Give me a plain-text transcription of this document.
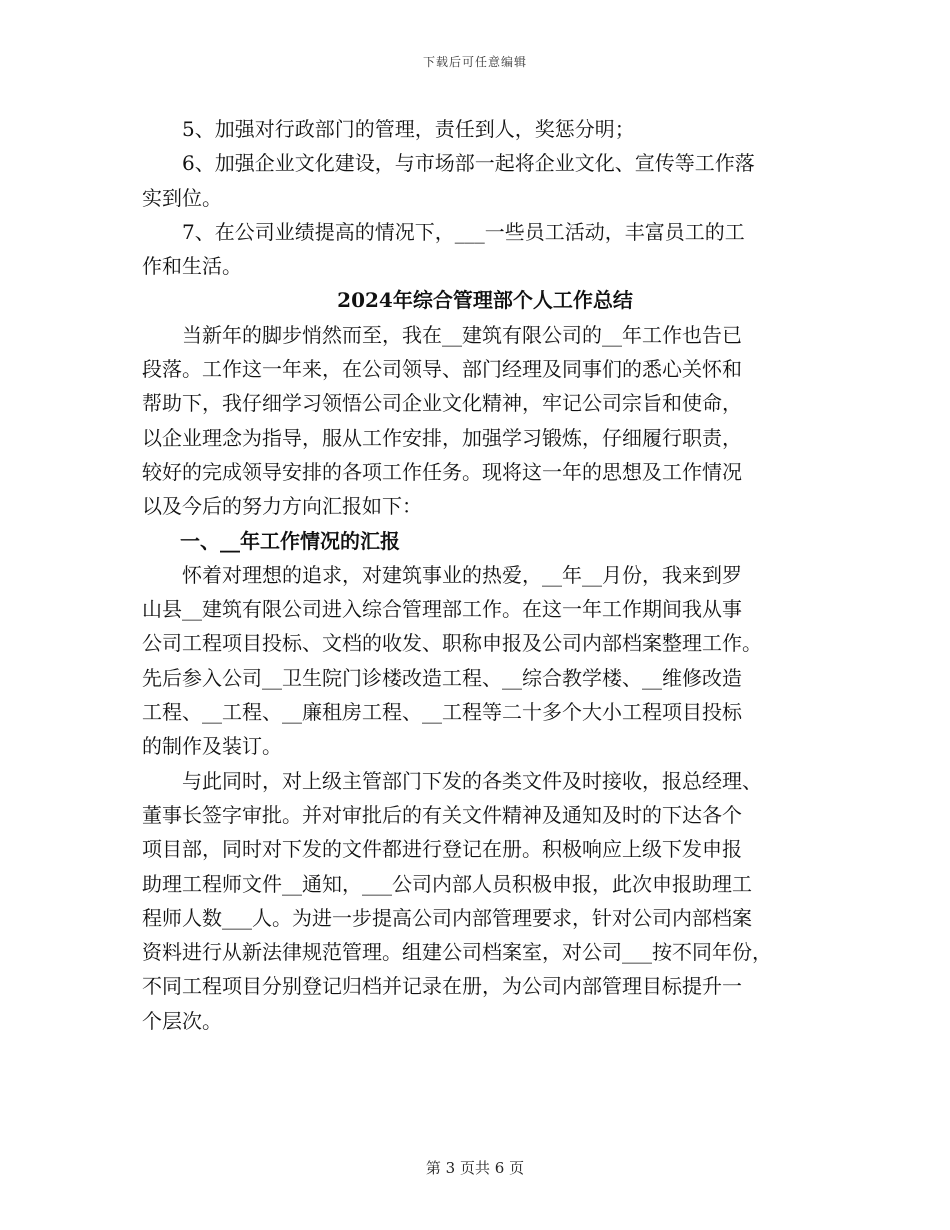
下载后可任意编辑
5、加强对行政部门的管理，责任到人，奖惩分明；
6、加强企业文化建设，与市场部一起将企业文化、宣传等工作落
实到位。
7、在公司业绩提高的情况下，___一些员工活动，丰富员工的工
作和生活。
2024年综合管理部个人工作总结
当新年的脚步悄然而至，我在__建筑有限公司的__年工作也告已
段落。工作这一年来，在公司领导、部门经理及同事们的悉心关怀和
帮助下，我仔细学习领悟公司企业文化精神，牢记公司宗旨和使命，
以企业理念为指导，服从工作安排，加强学习锻炼，仔细履行职责，
较好的完成领导安排的各项工作任务。现将这一年的思想及工作情况
以及今后的努力方向汇报如下：
一、__年工作情况的汇报
怀着对理想的追求，对建筑事业的热爱，__年__月份，我来到罗
山县__建筑有限公司进入综合管理部工作。在这一年工作期间我从事
公司工程项目投标、文档的收发、职称申报及公司内部档案整理工作。
先后参入公司__卫生院门诊楼改造工程、__综合教学楼、__维修改造
工程、__工程、__廉租房工程、__工程等二十多个大小工程项目投标
的制作及装订。
与此同时，对上级主管部门下发的各类文件及时接收，报总经理、
董事长签字审批。并对审批后的有关文件精神及通知及时的下达各个
项目部，同时对下发的文件都进行登记在册。积极响应上级下发申报
助理工程师文件__通知，___公司内部人员积极申报，此次申报助理工
程师人数___人。为进一步提高公司内部管理要求，针对公司内部档案
资料进行从新法律规范管理。组建公司档案室，对公司___按不同年份，
不同工程项目分别登记归档并记录在册，为公司内部管理目标提升一
个层次。
第 3 页共 6 页
